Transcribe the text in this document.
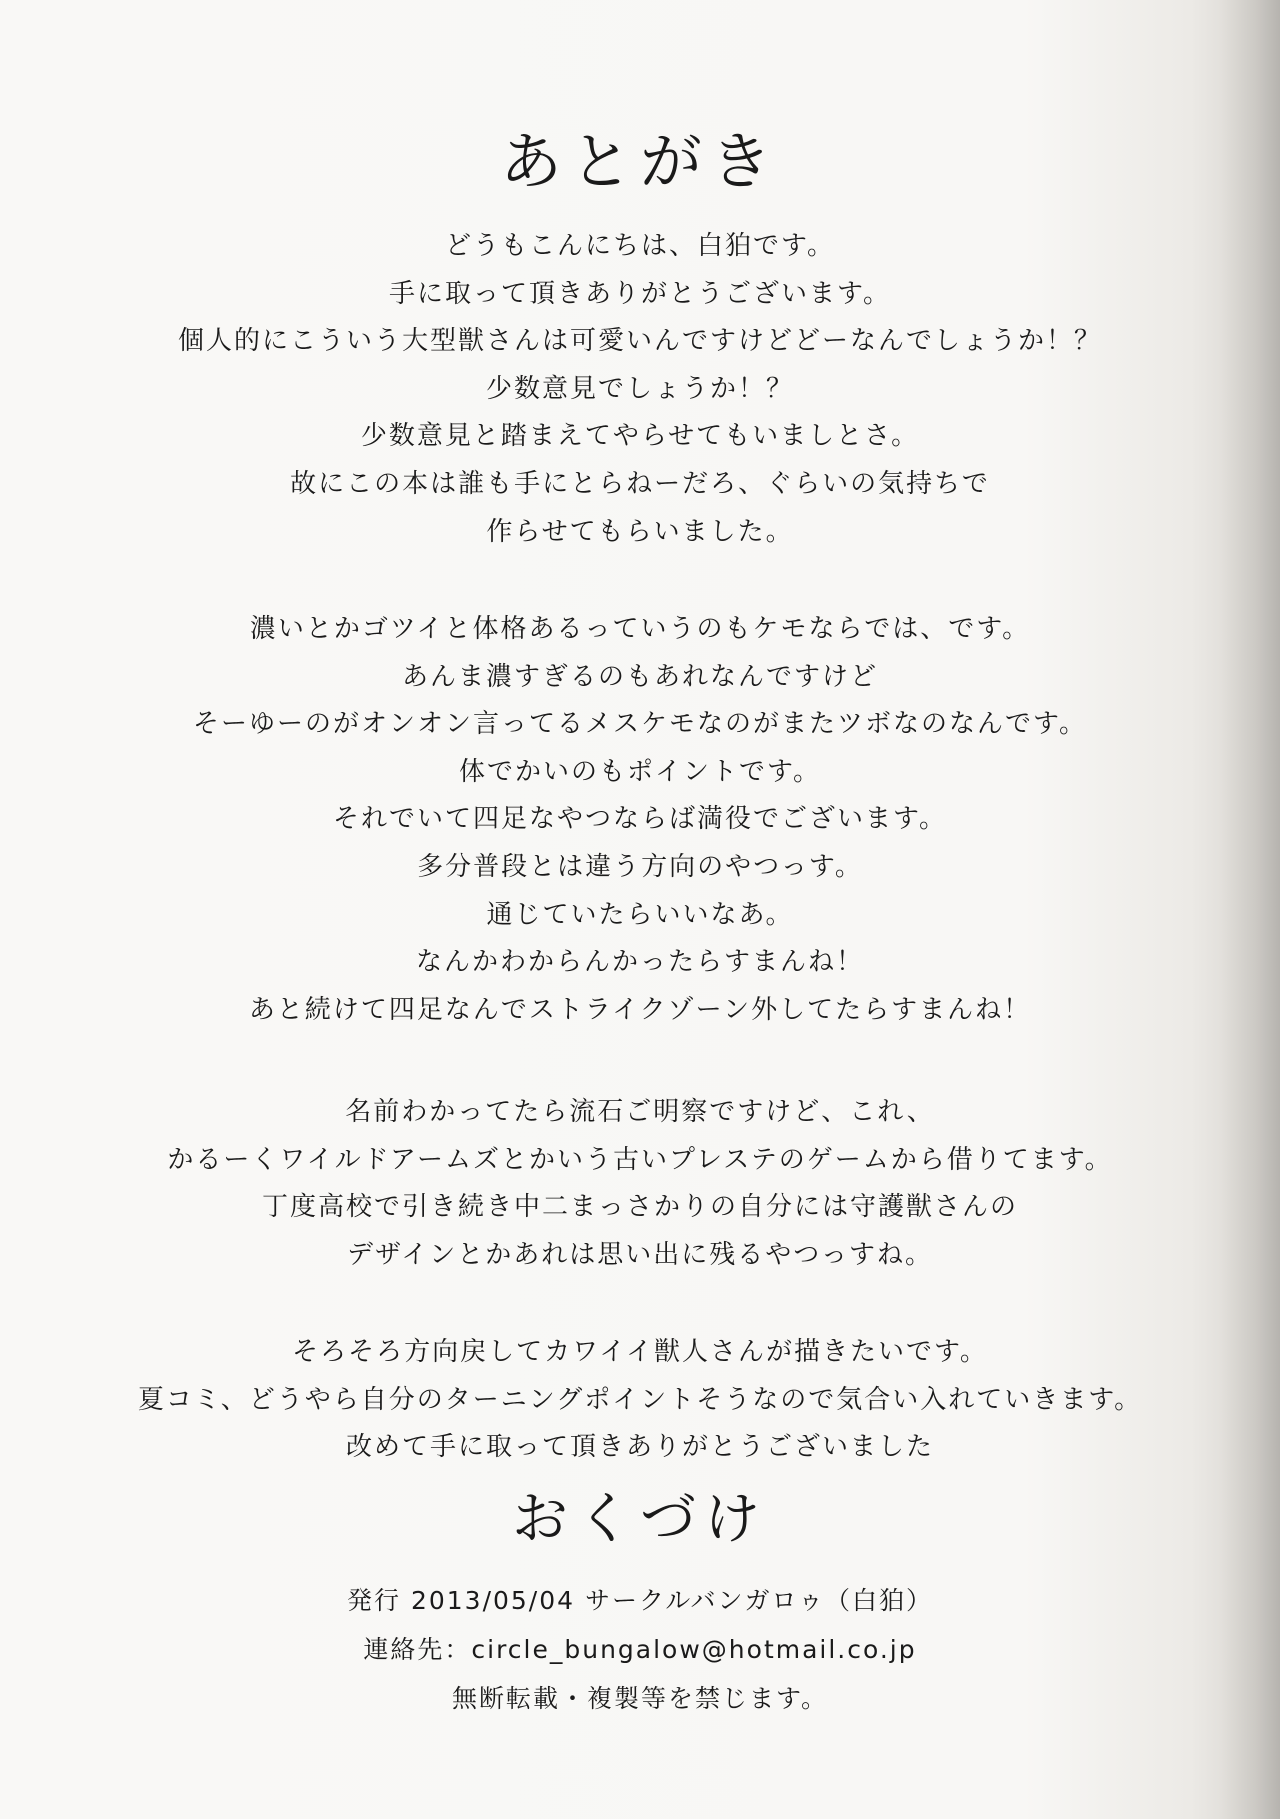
あとがき
どうもこんにちは、白狛です。
手に取って頂きありがとうございます。
個人的にこういう大型獣さんは可愛いんですけどどーなんでしょうか！？
少数意見でしょうか！？
少数意見と踏まえてやらせてもいましとさ。
故にこの本は誰も手にとらねーだろ、ぐらいの気持ちで
作らせてもらいました。
濃いとかゴツイと体格あるっていうのもケモならでは、です。
あんま濃すぎるのもあれなんですけど
そーゆーのがオンオン言ってるメスケモなのがまたツボなのなんです。
体でかいのもポイントです。
それでいて四足なやつならば満役でございます。
多分普段とは違う方向のやつっす。
通じていたらいいなあ。
なんかわからんかったらすまんね！
あと続けて四足なんでストライクゾーン外してたらすまんね！
名前わかってたら流石ご明察ですけど、これ、
かるーくワイルドアームズとかいう古いプレステのゲームから借りてます。
丁度高校で引き続き中二まっさかりの自分には守護獣さんの
デザインとかあれは思い出に残るやつっすね。
そろそろ方向戻してカワイイ獣人さんが描きたいです。
夏コミ、どうやら自分のターニングポイントそうなので気合い入れていきます。
改めて手に取って頂きありがとうございました
おくづけ
発行 2013/05/04 サークルバンガロゥ（白狛）
連絡先：circle_bungalow@hotmail.co.jp
無断転載・複製等を禁じます。
